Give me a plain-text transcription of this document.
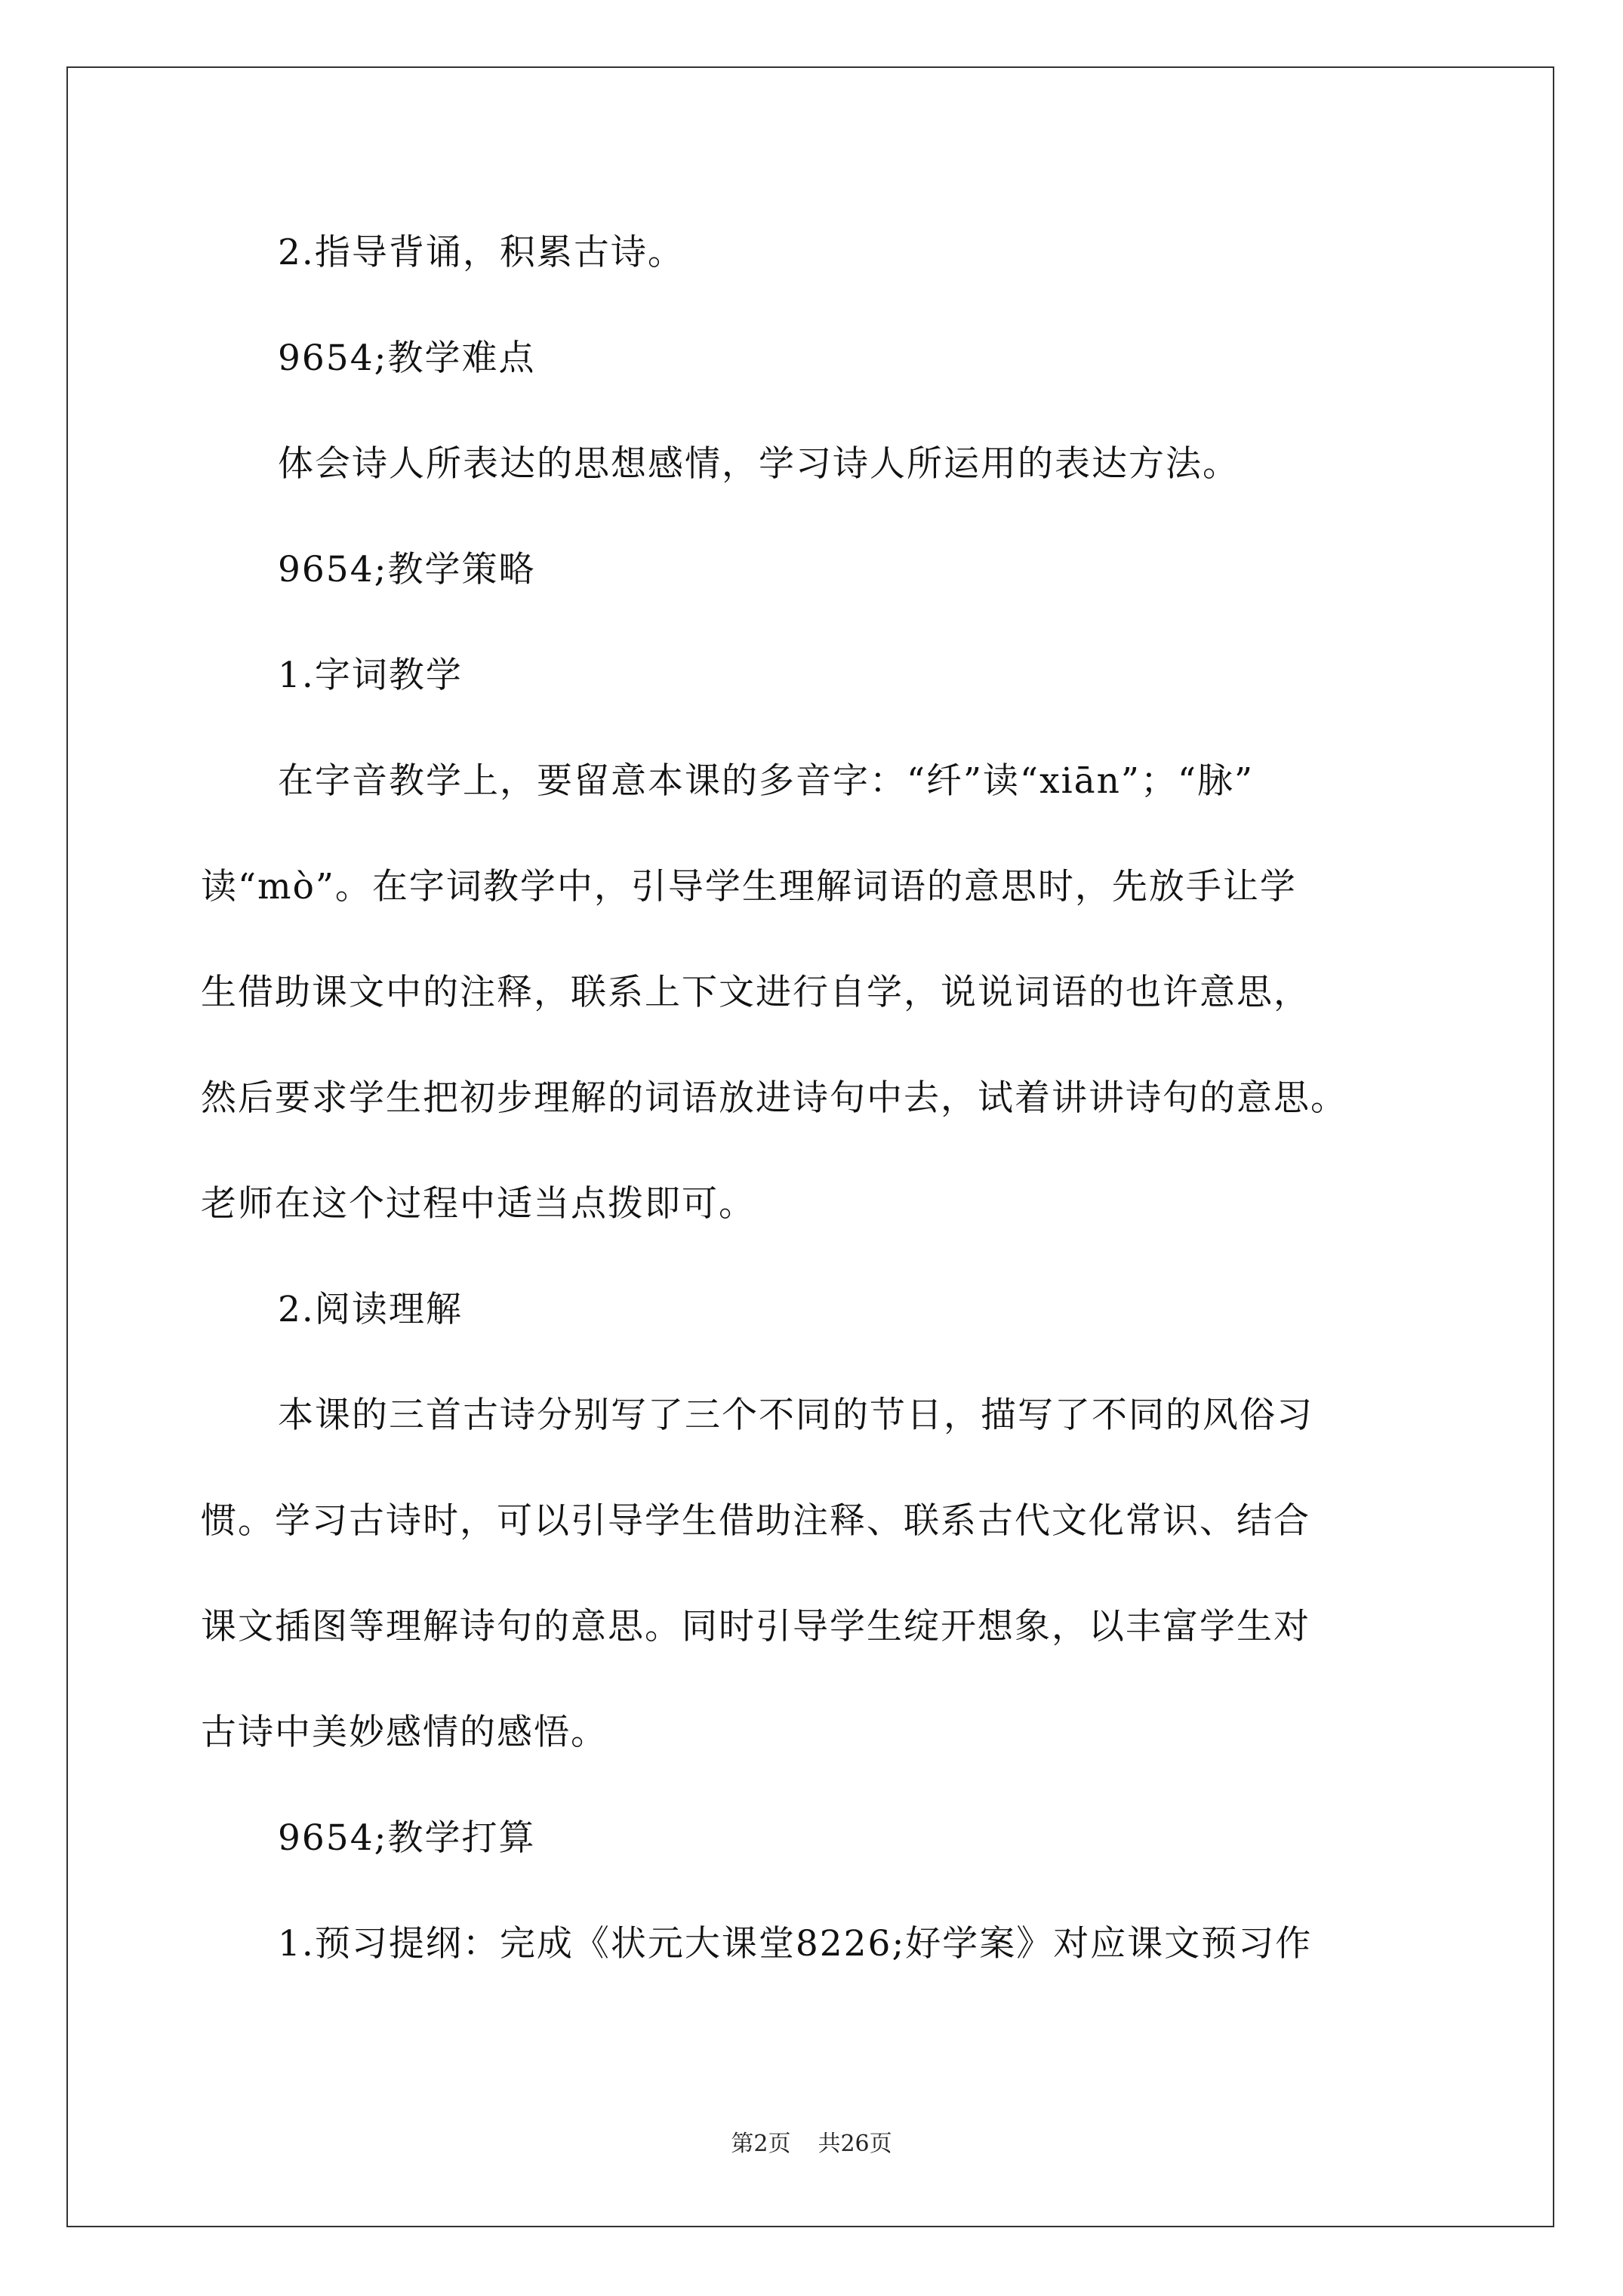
2.指导背诵，积累古诗。
9654;教学难点
体会诗人所表达的思想感情，学习诗人所运用的表达方法。
9654;教学策略
1.字词教学
在字音教学上，要留意本课的多音字：“纤”读“xiān”；“脉”
读“mò”。在字词教学中，引导学生理解词语的意思时，先放手让学
生借助课文中的注释，联系上下文进行自学，说说词语的也许意思，
然后要求学生把初步理解的词语放进诗句中去，试着讲讲诗句的意思。
老师在这个过程中适当点拨即可。
2.阅读理解
本课的三首古诗分别写了三个不同的节日，描写了不同的风俗习
惯。学习古诗时，可以引导学生借助注释、联系古代文化常识、结合
课文插图等理解诗句的意思。同时引导学生绽开想象，以丰富学生对
古诗中美妙感情的感悟。
9654;教学打算
1.预习提纲：完成《状元大课堂8226;好学案》对应课文预习作
第2页 共26页
